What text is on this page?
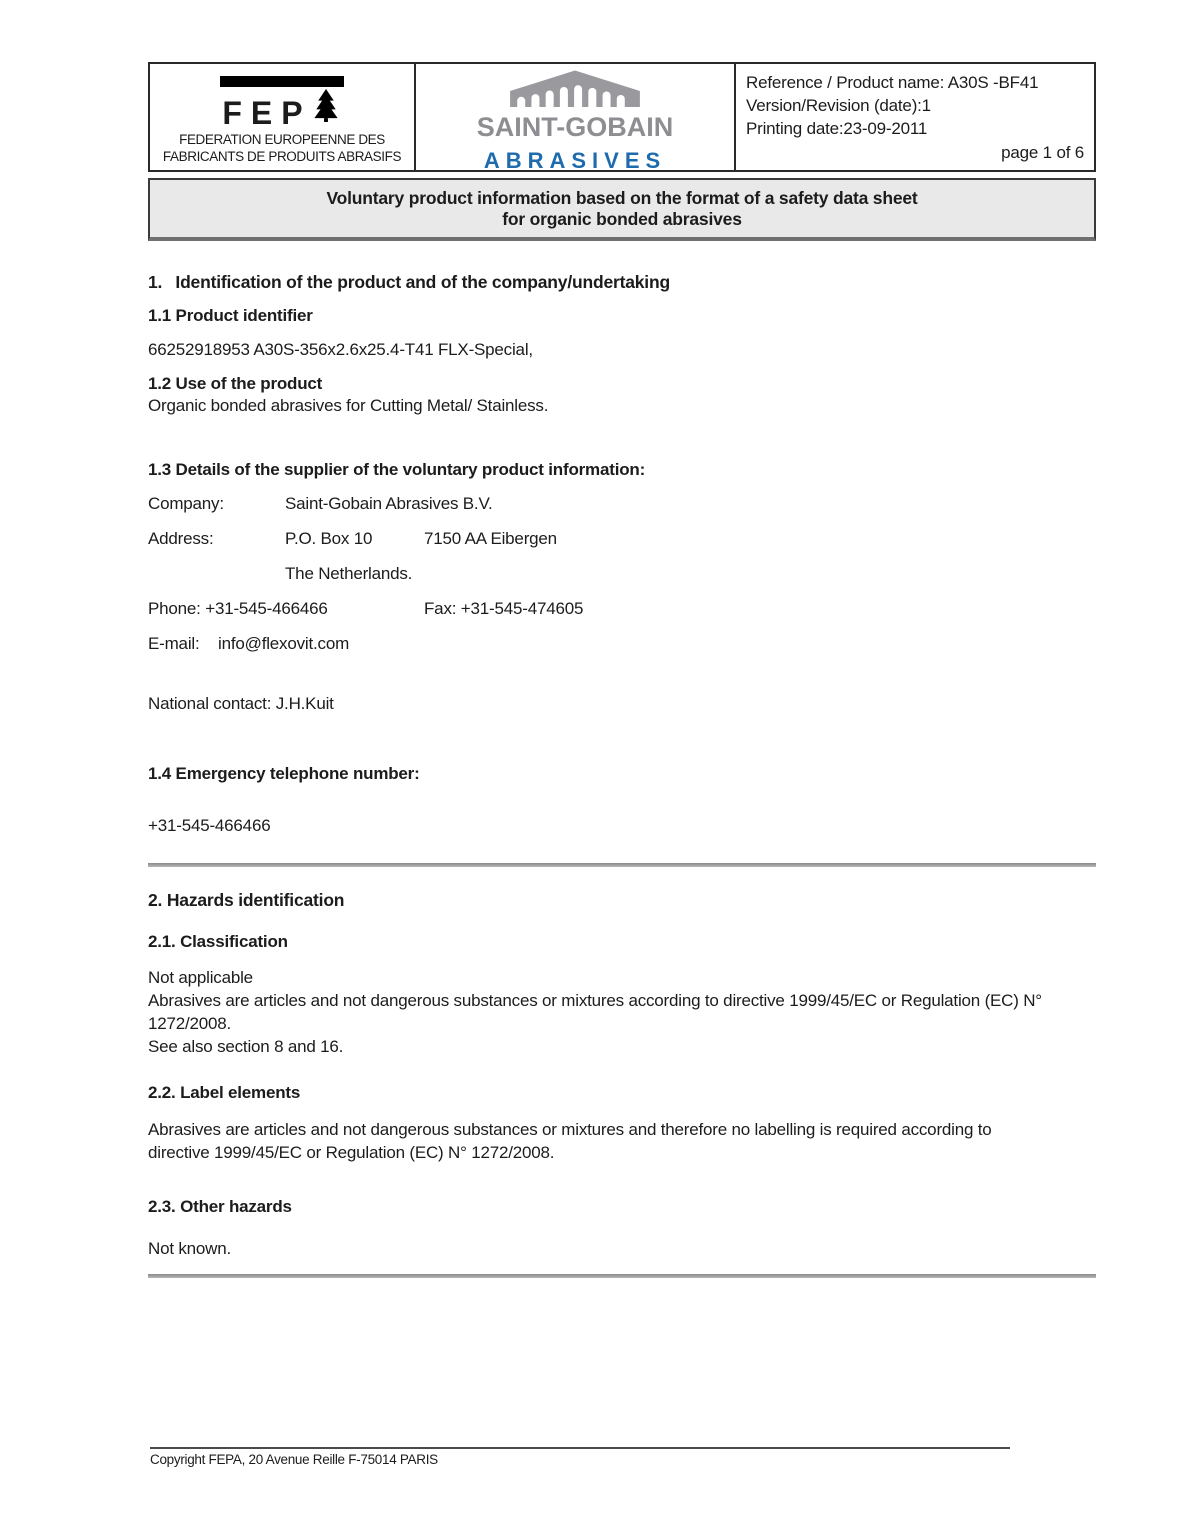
FEP
FEDERATION EUROPEENNE DES
FABRICANTS DE PRODUITS ABRASIFS
SAINT-GOBAIN
ABRASIVES
Reference / Product name: A30S -BF41
Version/Revision (date):1
Printing date:23-09-2011
page 1 of 6
Voluntary product information based on the format of a safety data sheet
for organic bonded abrasives
1.  Identification of the product and of the company/undertaking
1.1 Product identifier
66252918953 A30S-356x2.6x25.4-T41 FLX-Special,
1.2 Use of the product
Organic bonded abrasives for Cutting Metal/ Stainless.
1.3 Details of the supplier of the voluntary product information:
Company:	Saint-Gobain Abrasives B.V.
Address:	P.O. Box 10	7150 AA Eibergen
The Netherlands.
Phone: +31-545-466466	Fax: +31-545-474605
E-mail: info@flexovit.com
National contact: J.H.Kuit
1.4 Emergency telephone number:
+31-545-466466
2. Hazards identification
2.1. Classification
Not applicable
Abrasives are articles and not dangerous substances or mixtures according to directive 1999/45/EC or Regulation (EC) N° 1272/2008.
See also section 8 and 16.
2.2. Label elements
Abrasives are articles and not dangerous substances or mixtures and therefore no labelling is required according to directive 1999/45/EC or Regulation (EC) N° 1272/2008.
2.3. Other hazards
Not known.
Copyright FEPA, 20 Avenue Reille F-75014 PARIS
